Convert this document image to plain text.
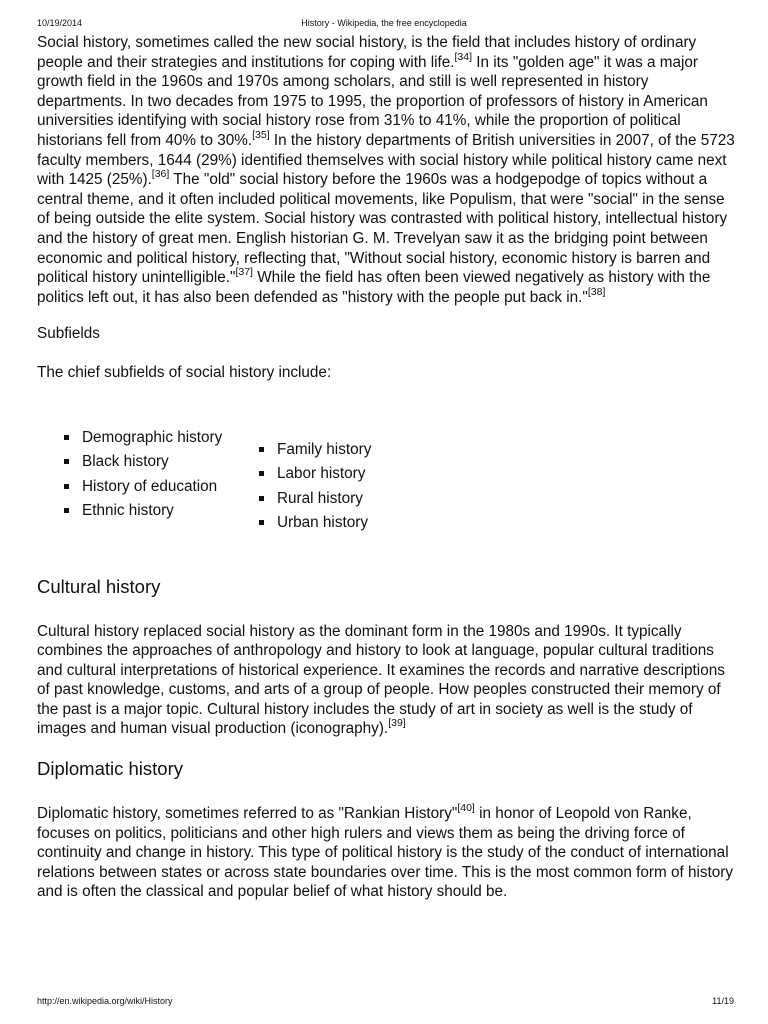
10/19/2014	History - Wikipedia, the free encyclopedia

Social history, sometimes called the new social history, is the field that includes history of ordinary people and their strategies and institutions for coping with life.[34] In its "golden age" it was a major growth field in the 1960s and 1970s among scholars, and still is well represented in history departments. In two decades from 1975 to 1995, the proportion of professors of history in American universities identifying with social history rose from 31% to 41%, while the proportion of political historians fell from 40% to 30%.[35] In the history departments of British universities in 2007, of the 5723 faculty members, 1644 (29%) identified themselves with social history while political history came next with 1425 (25%).[36] The "old" social history before the 1960s was a hodgepodge of topics without a central theme, and it often included political movements, like Populism, that were "social" in the sense of being outside the elite system. Social history was contrasted with political history, intellectual history and the history of great men. English historian G. M. Trevelyan saw it as the bridging point between economic and political history, reflecting that, "Without social history, economic history is barren and political history unintelligible."[37] While the field has often been viewed negatively as history with the politics left out, it has also been defended as "history with the people put back in."[38]

Subfields

The chief subfields of social history include:

Demographic history
Black history
History of education
Ethnic history
Family history
Labor history
Rural history
Urban history
Cultural history

Cultural history replaced social history as the dominant form in the 1980s and 1990s. It typically combines the approaches of anthropology and history to look at language, popular cultural traditions and cultural interpretations of historical experience. It examines the records and narrative descriptions of past knowledge, customs, and arts of a group of people. How peoples constructed their memory of the past is a major topic. Cultural history includes the study of art in society as well is the study of images and human visual production (iconography).[39]

Diplomatic history

Diplomatic history, sometimes referred to as "Rankian History"[40] in honor of Leopold von Ranke, focuses on politics, politicians and other high rulers and views them as being the driving force of continuity and change in history. This type of political history is the study of the conduct of international relations between states or across state boundaries over time. This is the most common form of history and is often the classical and popular belief of what history should be.

http://en.wikipedia.org/wiki/History	11/19
